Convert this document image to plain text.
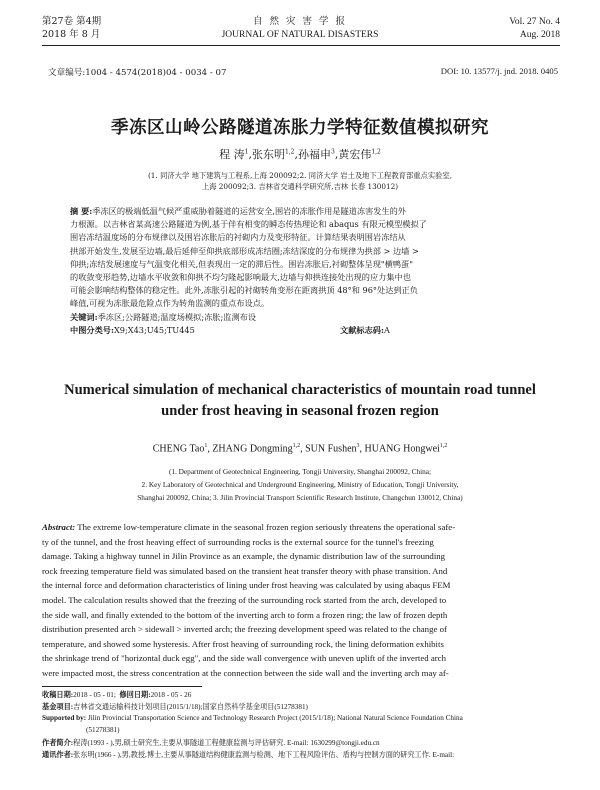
第27卷 第4期
2018 年 8 月
自 然 灾 害 学 报
JOURNAL OF NATURAL DISASTERS
Vol. 27 No. 4
Aug. 2018
文章编号:1004 - 4574(2018)04 - 0034 - 07	DOI: 10. 13577/j. jnd. 2018. 0405
季冻区山岭公路隧道冻胀力学特征数值模拟研究
程 涛$^1$,张东明$^{1,2}$,孙福申$^3$,黄宏伟$^{1,2}$
(1. 同济大学 地下建筑与工程系,上海 200092;2. 同济大学 岩土及地下工程教育部重点实验室,
上海 200092;3. 吉林省交通科学研究所,吉林 长春 130012)
摘 要:季冻区的极端低温气候严重威胁着隧道的运营安全,围岩的冻胀作用是隧道冻害发生的外
力根源。以吉林省某高速公路隧道为例,基于伴有相变的瞬态传热理论和 abaqus 有限元模型模拟了
围岩冻结温度场的分布规律以及围岩冻胀后的衬砌内力及变形特征。计算结果表明围岩冻结从
拱部开始发生,发展至边墙,最后延伸至仰拱底部形成冻结圈;冻结深度的分布规律为拱部 > 边墙 >
仰拱;冻结发展速度与气温变化相关,但表现出一定的滞后性。围岩冻胀后,衬砌整体呈现"横鸭蛋"
的收敛变形趋势,边墙水平收敛和仰拱不均匀隆起影响最大,边墙与仰拱连接处出现的应力集中也
可能会影响结构整体的稳定性。此外,冻胀引起的衬砌转角变形在距离拱顶 48°和 96°处达到正负
峰值,可视为冻胀最危险点作为转角监测的重点布设点。
关键词:季冻区;公路隧道;温度场模拟;冻胀;监测布设
中图分类号:X9;X43;U45;TU445	文献标志码:A
Numerical simulation of mechanical characteristics of mountain road tunnel
under frost heaving in seasonal frozen region
CHENG Tao$^1$, ZHANG Dongming$^{1,2}$, SUN Fushen$^3$, HUANG Hongwei$^{1,2}$
(1. Department of Geotechnical Engineering, Tongji University, Shanghai 200092, China;
2. Key Laboratory of Geotechnical and Underground Engineering, Ministry of Education, Tongji University,
Shanghai 200092, China; 3. Jilin Provincial Transport Scientific Research Institute, Changchun 130012, China)
Abstract: The extreme low-temperature climate in the seasonal frozen region seriously threatens the operational safe-
ty of the tunnel, and the frost heaving effect of surrounding rocks is the external source for the tunnel's freezing
damage. Taking a highway tunnel in Jilin Province as an example, the dynamic distribution law of the surrounding
rock freezing temperature field was simulated based on the transient heat transfer theory with phase transition. And
the internal force and deformation characteristics of lining under frost heaving was calculated by using abaqus FEM
model. The calculation results showed that the freezing of the surrounding rock started from the arch, developed to
the side wall, and finally extended to the bottom of the inverting arch to form a frozen ring; the law of frozen depth
distribution presented arch > sidewall > inverted arch; the freezing development speed was related to the change of
temperature, and showed some hysteresis. After frost heaving of surrounding rock, the lining deformation exhibits
the shrinkage trend of "horizontal duck egg", and the side wall convergence with uneven uplift of the inverted arch
were impacted most, the stress concentration at the connection between the side wall and the inverting arch may af-
收稿日期:2018 - 05 - 01; 修回日期:2018 - 05 - 26
基金项目:吉林省交通运输科技计划项目(2015/1/18);国家自然科学基金项目(51278381)
Supported by: Jilin Provincial Transportation Science and Technology Research Project (2015/1/18); National Natural Science Foundation China
(51278381)
作者简介:程涛(1993 - ),男,硕士研究生,主要从事隧道工程健康监测与评估研究. E-mail: 1630299@tongji.edu.cn
通讯作者:张东明(1966 - ),男,教授,博士,主要从事隧道结构健康监测与检测、地下工程风险评估、盾构与控制方面的研究工作. E-mail:
